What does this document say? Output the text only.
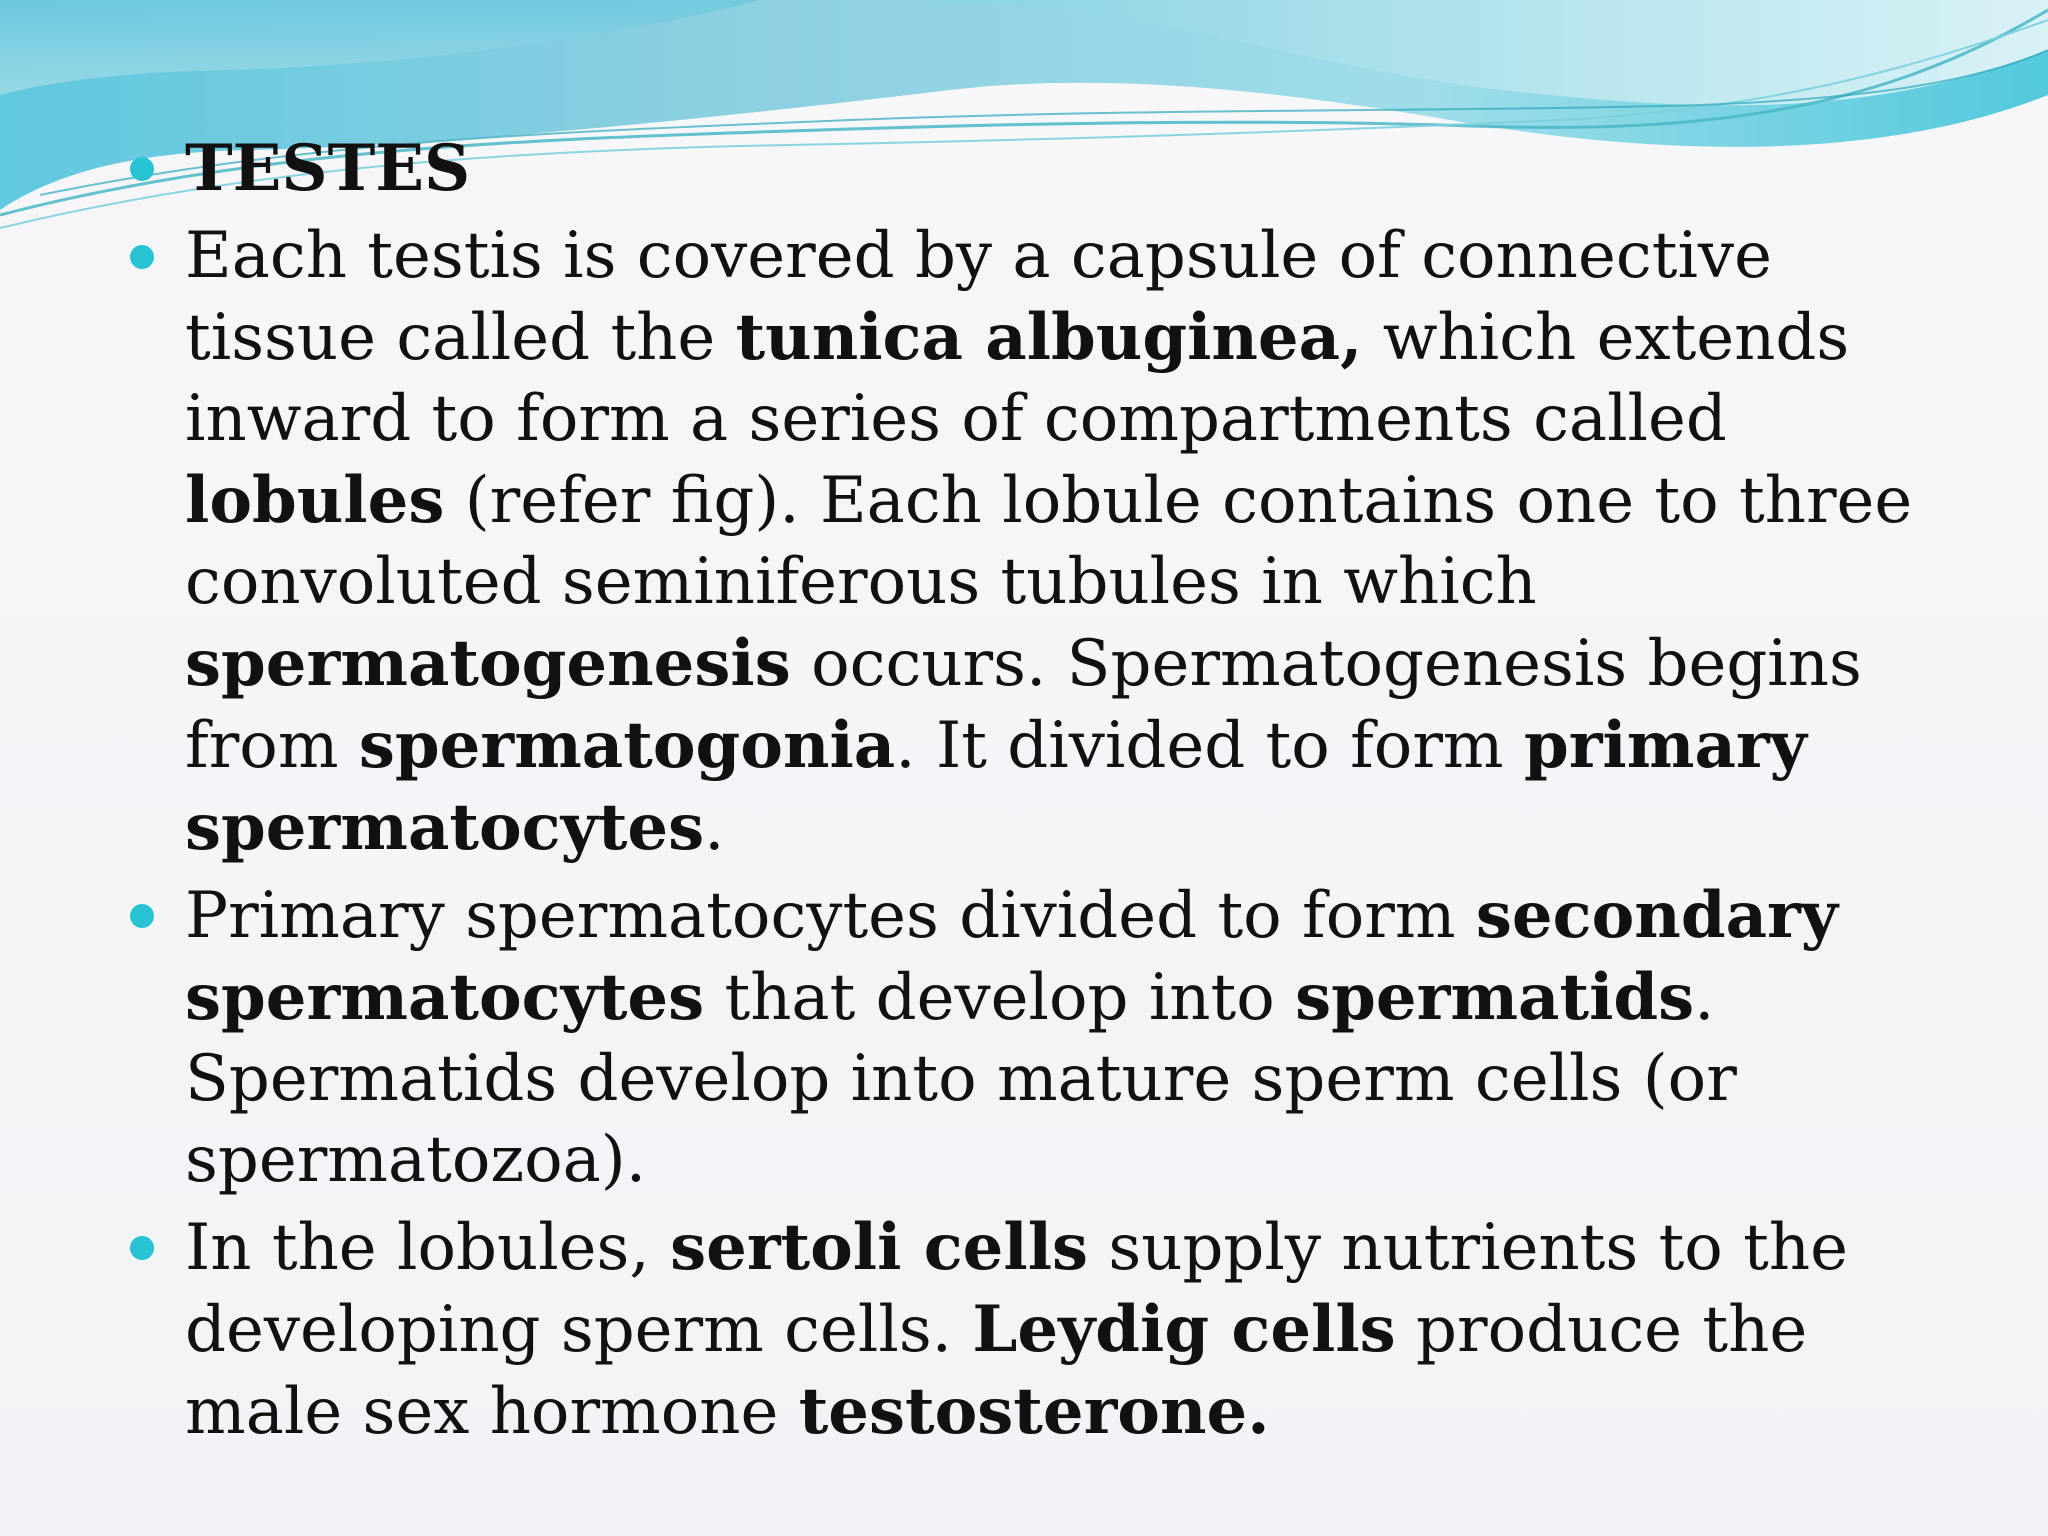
TESTES
Each testis is covered by a capsule of connective tissue called the tunica albuginea, which extends inward to form a series of compartments called lobules (refer fig). Each lobule contains one to three convoluted seminiferous tubules in which spermatogenesis occurs. Spermatogenesis begins from spermatogonia. It divided to form primary spermatocytes.
Primary spermatocytes divided to form secondary spermatocytes that develop into spermatids. Spermatids develop into mature sperm cells (or spermatozoa).
In the lobules, sertoli cells supply nutrients to the developing sperm cells. Leydig cells produce the male sex hormone testosterone.
